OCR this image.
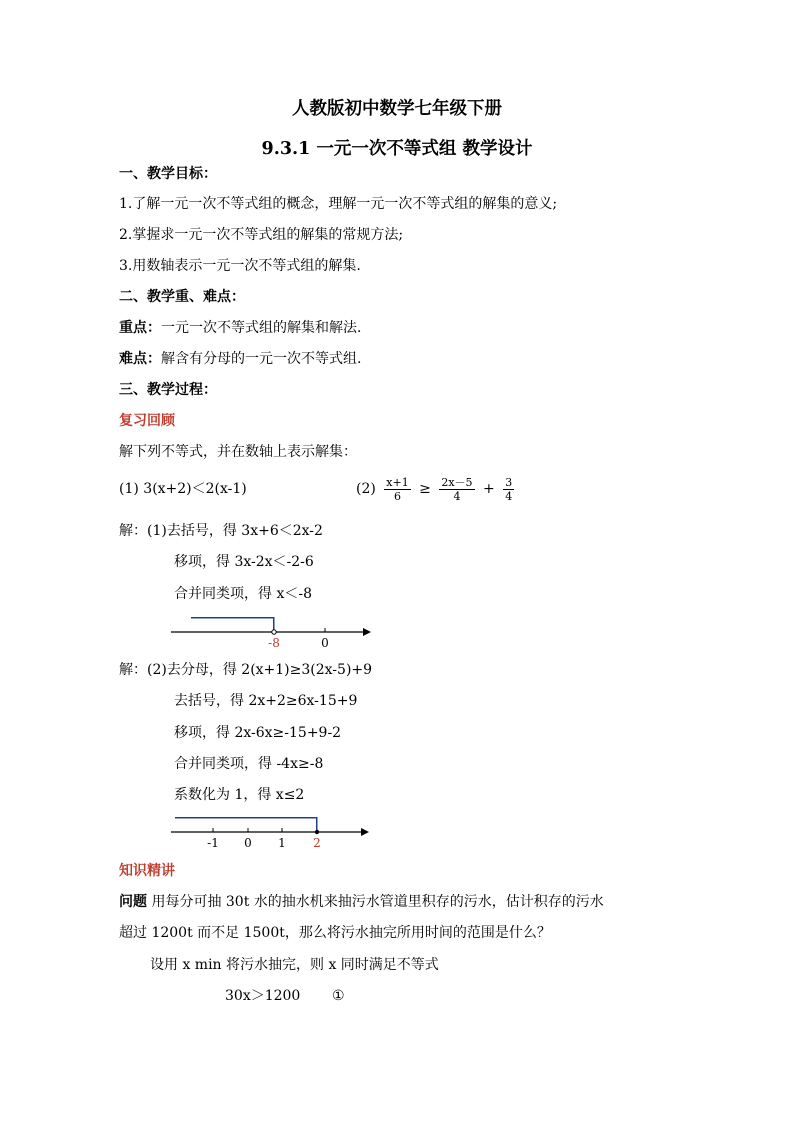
人教版初中数学七年级下册
9.3.1 一元一次不等式组 教学设计
一、教学目标：
1.了解一元一次不等式组的概念，理解一元一次不等式组的解集的意义;
2.掌握求一元一次不等式组的解集的常规方法;
3.用数轴表示一元一次不等式组的解集.
二、教学重、难点：
重点：一元一次不等式组的解集和解法.
难点：解含有分母的一元一次不等式组.
三、教学过程：
复习回顾
解下列不等式，并在数轴上表示解集：
(1) 3(x+2)＜2(x-1)	$(2) \frac{x+1}{6} \ge \frac{2x-5}{4} + \frac{3}{4}$
解：(1)去括号，得 3x+6＜2x-2
移项，得 3x-2x＜-2-6
合并同类项，得 x＜-8
-8	0
解：(2)去分母，得 2(x+1)≥3(2x-5)+9
去括号，得 2x+2≥6x-15+9
移项，得 2x-6x≥-15+9-2
合并同类项，得 -4x≥-8
系数化为 1，得 x≤2
-1 0 1 2
知识精讲
问题 用每分可抽 30t 水的抽水机来抽污水管道里积存的污水，估计积存的污水
超过 1200t 而不足 1500t，那么将污水抽完所用时间的范围是什么？
设用 x min 将污水抽完，则 x 同时满足不等式
30x＞1200 ①
